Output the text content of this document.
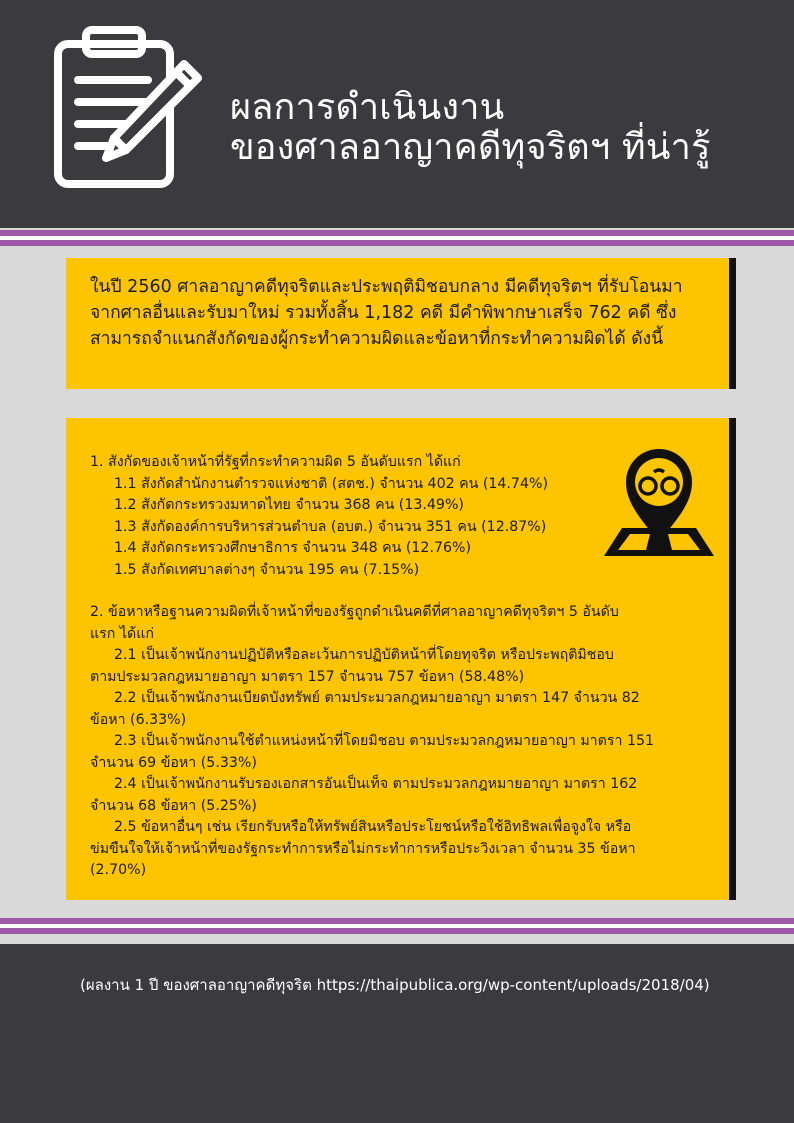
ผลการดำเนินงาน
ของศาลอาญาคดีทุจริตฯ ที่น่ารู้
ในปี 2560 ศาลอาญาคดีทุจริตและประพฤติมิชอบกลาง มีคดีทุจริตฯ ที่รับโอนมาจากศาลอื่นและรับมาใหม่ รวมทั้งสิ้น 1,182 คดี มีคำพิพากษาเสร็จ 762 คดี ซึ่งสามารถจำแนกสังกัดของผู้กระทำความผิดและข้อหาที่กระทำความผิดได้ ดังนี้
1. สังกัดของเจ้าหน้าที่รัฐที่กระทำความผิด 5 อันดับแรก ได้แก่
1.1 สังกัดสำนักงานตำรวจแห่งชาติ (สตช.) จำนวน 402 คน (14.74%)
1.2 สังกัดกระทรวงมหาดไทย จำนวน 368 คน (13.49%)
1.3 สังกัดองค์การบริหารส่วนตำบล (อบต.) จำนวน 351 คน (12.87%)
1.4 สังกัดกระทรวงศึกษาธิการ จำนวน 348 คน (12.76%)
1.5 สังกัดเทศบาลต่างๆ จำนวน 195 คน (7.15%)
2. ข้อหาหรือฐานความผิดที่เจ้าหน้าที่ของรัฐถูกดำเนินคดีที่ศาลอาญาคดีทุจริตฯ 5 อันดับ
แรก ได้แก่
2.1 เป็นเจ้าพนักงานปฏิบัติหรือละเว้นการปฏิบัติหน้าที่โดยทุจริต หรือประพฤติมิชอบ
ตามประมวลกฎหมายอาญา มาตรา 157 จำนวน 757 ข้อหา (58.48%)
2.2 เป็นเจ้าพนักงานเบียดบังทรัพย์ ตามประมวลกฎหมายอาญา มาตรา 147 จำนวน 82
ข้อหา (6.33%)
2.3 เป็นเจ้าพนักงานใช้ตำแหน่งหน้าที่โดยมิชอบ ตามประมวลกฎหมายอาญา มาตรา 151
จำนวน 69 ข้อหา (5.33%)
2.4 เป็นเจ้าพนักงานรับรองเอกสารอันเป็นเท็จ ตามประมวลกฎหมายอาญา มาตรา 162
จำนวน 68 ข้อหา (5.25%)
2.5 ข้อหาอื่นๆ เช่น เรียกรับหรือให้ทรัพย์สินหรือประโยชน์หรือใช้อิทธิพลเพื่อจูงใจ หรือ
ข่มขืนใจให้เจ้าหน้าที่ของรัฐกระทำการหรือไม่กระทำการหรือประวิงเวลา จำนวน 35 ข้อหา
(2.70%)
(ผลงาน 1 ปี ของศาลอาญาคดีทุจริต https://thaipublica.org/wp-content/uploads/2018/04)
